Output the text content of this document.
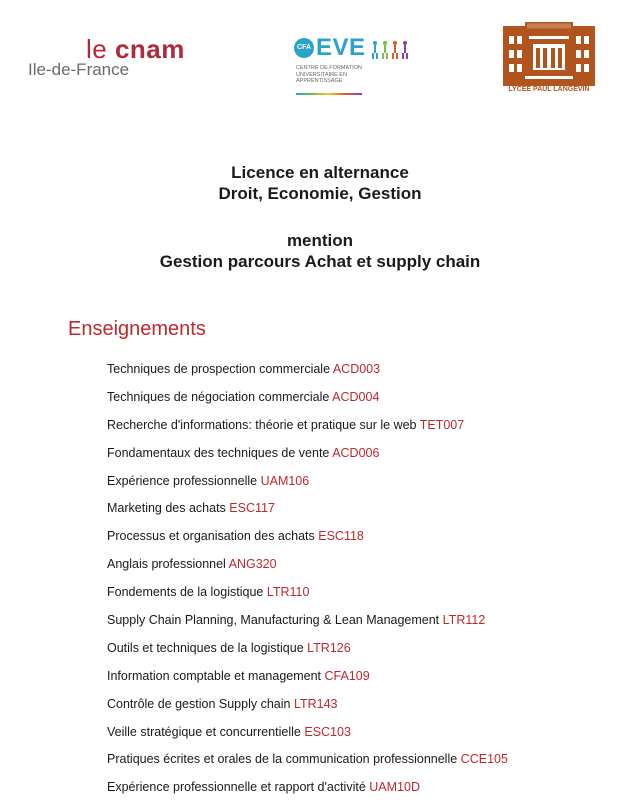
le cnam
Ile-de-France
CFA EVE
CENTRE DE FORMATION UNIVERSITAIRE EN APPRENTISSAGE
LYCÉE PAUL LANGEVIN
Licence en alternance
Droit, Economie, Gestion
mention
Gestion parcours Achat et supply chain
Enseignements
Techniques de prospection commerciale ACD003
Techniques de négociation commerciale ACD004
Recherche d'informations: théorie et pratique sur le web TET007
Fondamentaux des techniques de vente ACD006
Expérience professionnelle UAM106
Marketing des achats ESC117
Processus et organisation des achats ESC118
Anglais professionnel ANG320
Fondements de la logistique LTR110
Supply Chain Planning, Manufacturing & Lean Management LTR112
Outils et techniques de la logistique LTR126
Information comptable et management CFA109
Contrôle de gestion Supply chain LTR143
Veille stratégique et concurrentielle ESC103
Pratiques écrites et orales de la communication professionnelle CCE105
Expérience professionnelle et rapport d'activité UAM10D
